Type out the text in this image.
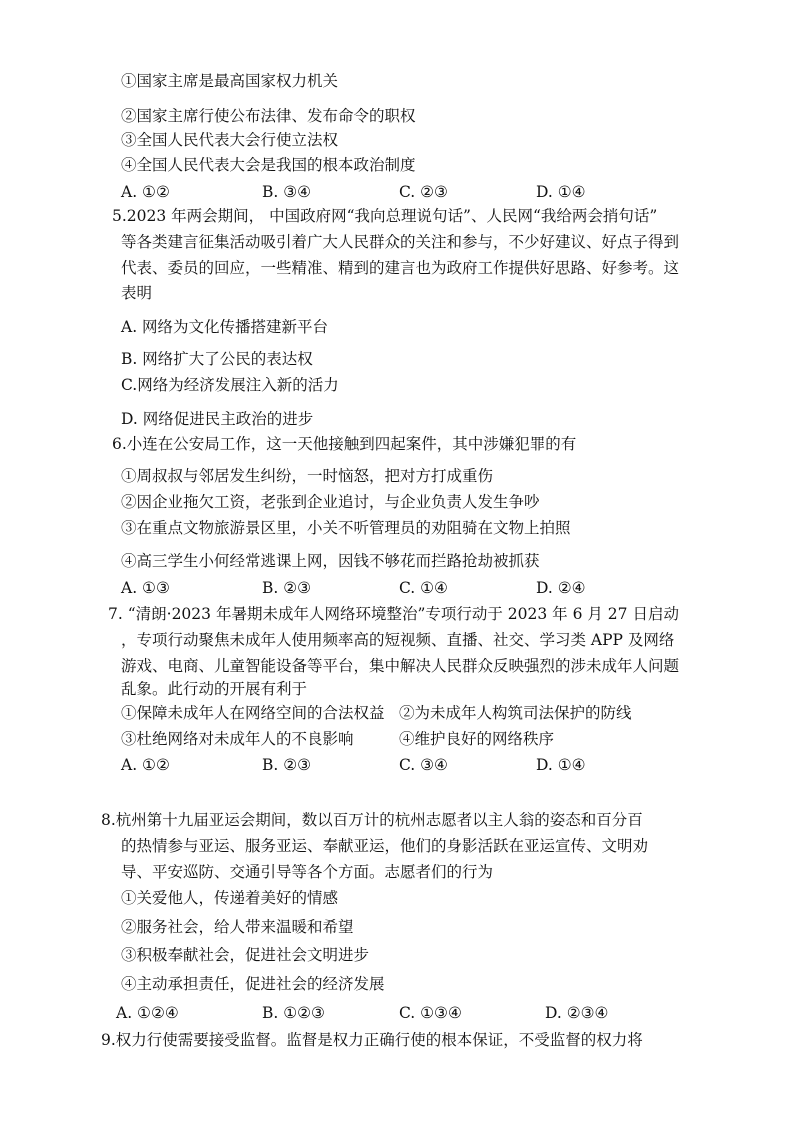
①国家主席是最高国家权力机关
②国家主席行使公布法律、发布命令的职权
③全国人民代表大会行使立法权
④全国人民代表大会是我国的根本政治制度
A. ①②	B. ③④	C. ②③	D. ①④
5.2023 年两会期间， 中国政府网“我向总理说句话”、人民网“我给两会捎句话”
等各类建言征集活动吸引着广大人民群众的关注和参与，不少好建议、好点子得到
代表、委员的回应，一些精准、精到的建言也为政府工作提供好思路、好参考。这
表明
A. 网络为文化传播搭建新平台
B. 网络扩大了公民的表达权
C.网络为经济发展注入新的活力
D. 网络促进民主政治的进步
6.小连在公安局工作，这一天他接触到四起案件，其中涉嫌犯罪的有
①周叔叔与邻居发生纠纷，一时恼怒，把对方打成重伤
②因企业拖欠工资，老张到企业追讨，与企业负责人发生争吵
③在重点文物旅游景区里，小关不听管理员的劝阻骑在文物上拍照
④高三学生小何经常逃课上网，因钱不够花而拦路抢劫被抓获
A. ①③	B. ②③	C. ①④	D. ②④
7. “清朗·2023 年暑期未成年人网络环境整治”专项行动于 2023 年 6 月 27 日启动
，专项行动聚焦未成年人使用频率高的短视频、直播、社交、学习类 APP 及网络
游戏、电商、儿童智能设备等平台，集中解决人民群众反映强烈的涉未成年人问题
乱象。此行动的开展有利于
①保障未成年人在网络空间的合法权益 ②为未成年人构筑司法保护的防线
③杜绝网络对未成年人的不良影响	④维护良好的网络秩序
A. ①②	B. ②③	C. ③④	D. ①④
8.杭州第十九届亚运会期间，数以百万计的杭州志愿者以主人翁的姿态和百分百
的热情参与亚运、服务亚运、奉献亚运，他们的身影活跃在亚运宣传、文明劝
导、平安巡防、交通引导等各个方面。志愿者们的行为
①关爱他人，传递着美好的情感
②服务社会，给人带来温暖和希望
③积极奉献社会，促进社会文明进步
④主动承担责任，促进社会的经济发展
A. ①②④	B. ①②③	C. ①③④	D. ②③④
9.权力行使需要接受监督。监督是权力正确行使的根本保证，不受监督的权力将
